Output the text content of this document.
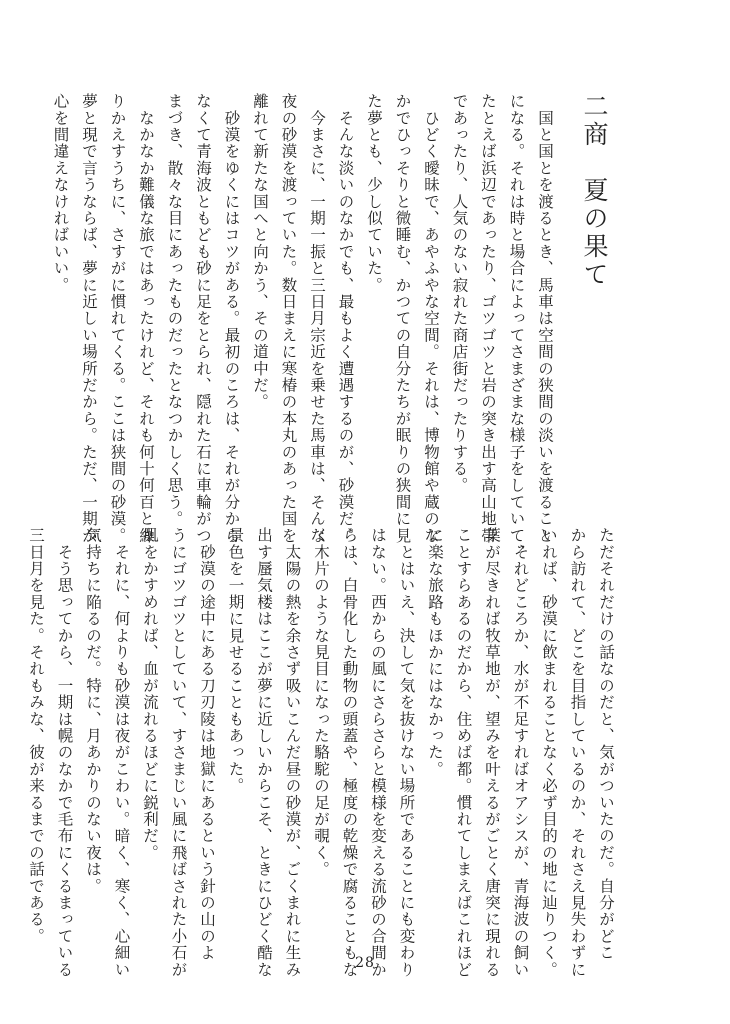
二商　夏の果て

　国と国とを渡るとき、馬車は空間の狭間の淡いを渡ること

になる。それは時と場合によってさまざまな様子をしていて、

たとえば浜辺であったり、ゴツゴツと岩の突き出す高山地帯

であったり、人気のない寂れた商店街だったりする。

　ひどく曖昧で、あやふやな空間。それは、博物館や蔵のな

かでひっそりと微睡む、かつての自分たちが眠りの狭間に見

た夢とも、少し似ていた。

　そんな淡いのなかでも、最もよく遭遇するのが、砂漠だ。

　今まさに、一期一振と三日月宗近を乗せた馬車は、そんな

夜の砂漠を渡っていた。数日まえに寒椿の本丸のあった国を

離れて新たな国へと向かう、その道中だ。

　砂漠をゆくにはコツがある。最初のころは、それが分から

なくて青海波ともども砂に足をとられ、隠れた石に車輪がつ

まづき、散々な目にあったものだったとなつかしく思う。

　なかなか難儀な旅ではあったけれど、それも何十何百と繰

りかえすうちに、さすがに慣れてくる。ここは狭間の砂漠。

夢と現で言うならば、夢に近しい場所だから。ただ、一期が

心を間違えなければいい。

ただそれだけの話なのだと、気がついたのだ。自分がどこ

から訪れて、どこを目指しているのか、それさえ見失わずに

いれば、砂漠に飲まれることなく必ず目的の地に辿りつく。

　それどころか、水が不足すればオアシスが、青海波の飼い

葉が尽きれば牧草地が、望みを叶えるがごとく唐突に現れる

ことすらあるのだから、住めば都。慣れてしまえばこれほど

に楽な旅路もほかにはなかった。

　とはいえ、決して気を抜けない場所であることにも変わり

はない。西からの風にさらさらと模様を変える流砂の合間か

らは、白骨化した動物の頭蓋や、極度の乾燥で腐ることもな

く木片のような見目になった駱駝の足が覗く。

　太陽の熱を余さず吸いこんだ昼の砂漠が、ごくまれに生み

出す蜃気楼はここが夢に近しいからこそ、ときにひどく酷な

景色を一期に見せることもあった。

　砂漠の途中にある刀刃陵は地獄にあるという針の山のよ

うにゴツゴツとしていて、すさまじい風に飛ばされた小石が

肌をかすめれば、血が流れるほどに鋭利だ。

　それに、何よりも砂漠は夜がこわい。暗く、寒く、心細い

気持ちに陥るのだ。特に、月あかりのない夜は。

　そう思ってから、一期は幌のなかで毛布にくるまっている

三日月を見た。それもみな、彼が来るまでの話である。

28
